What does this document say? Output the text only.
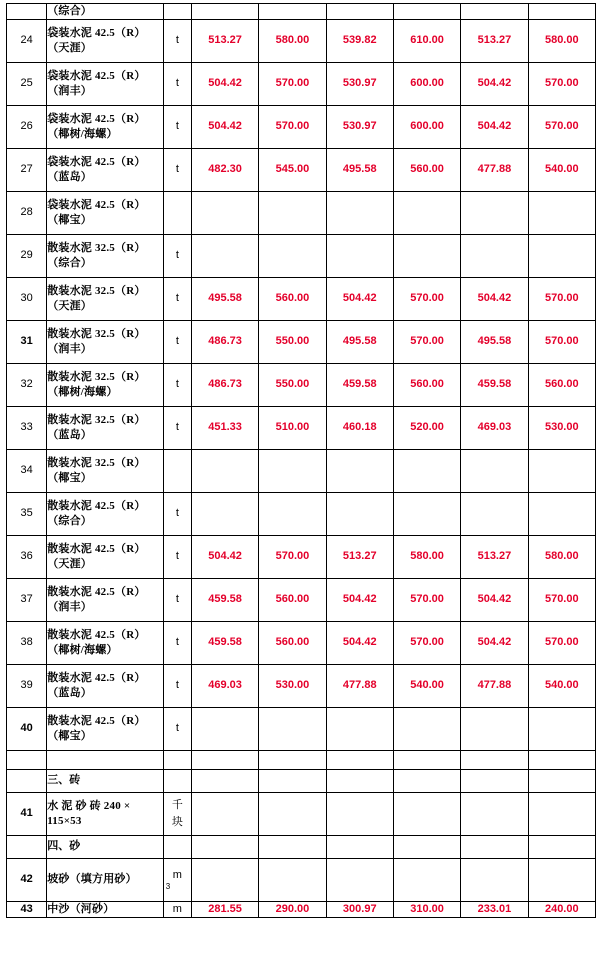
（综合）

24	袋装水泥 42.5（R）
（天涯）	t	513.27	580.00	539.82	610.00	513.27	580.00
25	袋装水泥 42.5（R）
（润丰）	t	504.42	570.00	530.97	600.00	504.42	570.00
26	袋装水泥 42.5（R）
（椰树/海螺）	t	504.42	570.00	530.97	600.00	504.42	570.00
27	袋装水泥 42.5（R）
（蓝岛）	t	482.30	545.00	495.58	560.00	477.88	540.00
28	袋装水泥 42.5（R）
（椰宝）

29	散装水泥 32.5（R）
（综合）	t						
30	散装水泥 32.5（R）
（天涯）	t	495.58	560.00	504.42	570.00	504.42	570.00
31	散装水泥 32.5（R）
（润丰）	t	486.73	550.00	495.58	570.00	495.58	570.00
32	散装水泥 32.5（R）
（椰树/海螺）	t	486.73	550.00	459.58	560.00	459.58	560.00
33	散装水泥 32.5（R）
（蓝岛）	t	451.33	510.00	460.18	520.00	469.03	530.00
34	散装水泥 32.5（R）
（椰宝）

35	散装水泥 42.5（R）
（综合）	t						
36	散装水泥 42.5（R）
（天涯）	t	504.42	570.00	513.27	580.00	513.27	580.00
37	散装水泥 42.5（R）
（润丰）	t	459.58	560.00	504.42	570.00	504.42	570.00
38	散装水泥 42.5（R）
（椰树/海螺）	t	459.58	560.00	504.42	570.00	504.42	570.00
39	散装水泥 42.5（R）
（蓝岛）	t	469.03	530.00	477.88	540.00	477.88	540.00
40	散装水泥 42.5（R）
（椰宝）	t						

	三、砖							
41	水 泥 砂 砖 240 ×
115×53	千
块						
	四、砂							
42	坡砂（填方用砂）	m
3

43	中沙（河砂）	m	281.55	290.00	300.97	310.00	233.01	240.00
